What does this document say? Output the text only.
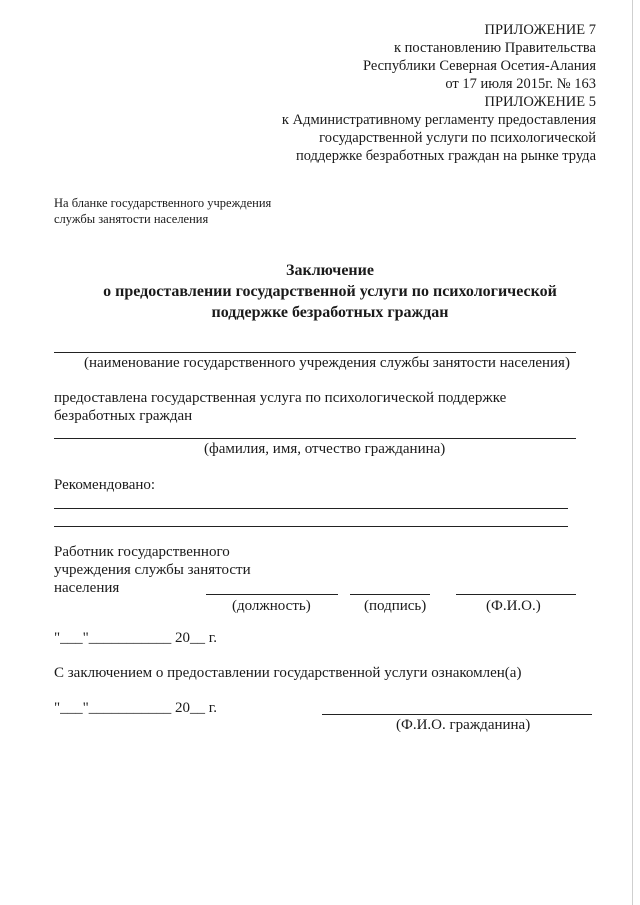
ПРИЛОЖЕНИЕ 7
к постановлению Правительства
Республики Северная Осетия-Алания
от 17 июля 2015г. № 163
ПРИЛОЖЕНИЕ 5
к Административному регламенту предоставления
государственной услуги по психологической
поддержке безработных граждан на рынке труда
На бланке государственного учреждения
службы занятости населения
Заключение
о предоставлении государственной услуги по психологической
поддержке безработных граждан
(наименование государственного учреждения службы занятости населения)
предоставлена государственная услуга по психологической поддержке
безработных граждан
(фамилия, имя, отчество гражданина)
Рекомендовано:
Работник государственного
учреждения службы занятости
населения
(должность)	(подпись)	(Ф.И.О.)
"___"___________ 20__ г.
С заключением о предоставлении государственной услуги ознакомлен(а)
"___"___________ 20__ г.
(Ф.И.О. гражданина)
